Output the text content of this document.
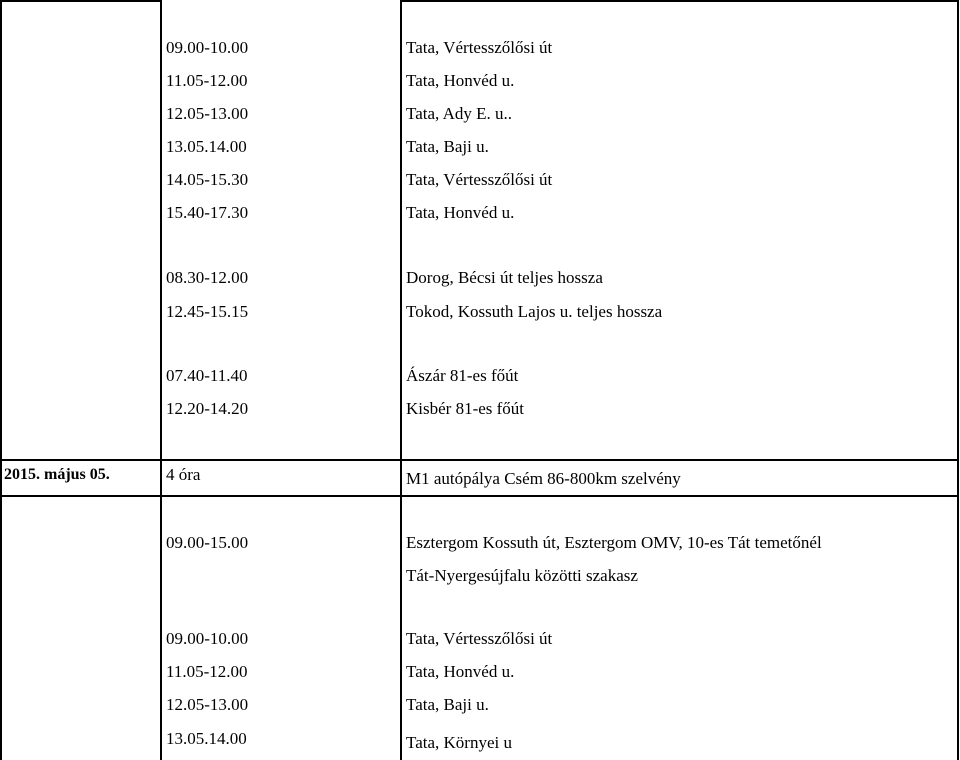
09.00-10.00	Tata, Vértesszőlősi út
11.05-12.00	Tata, Honvéd u.
12.05-13.00	Tata, Ady E. u..
13.05.14.00	Tata, Baji u.
14.05-15.30	Tata, Vértesszőlősi út
15.40-17.30	Tata, Honvéd u.
08.30-12.00	Dorog, Bécsi út teljes hossza
12.45-15.15	Tokod, Kossuth Lajos u. teljes hossza
07.40-11.40	Ászár 81-es főút
12.20-14.20	Kisbér 81-es főút
2015. május 05.	4 óra	M1 autópálya Csém 86-800km szelvény
09.00-15.00	Esztergom Kossuth út, Esztergom OMV, 10-es Tát temetőnél
Tát-Nyergesújfalu közötti szakasz
09.00-10.00	Tata, Vértesszőlősi út
11.05-12.00	Tata, Honvéd u.
12.05-13.00	Tata, Baji u.
13.05.14.00	Tata, Környei u
